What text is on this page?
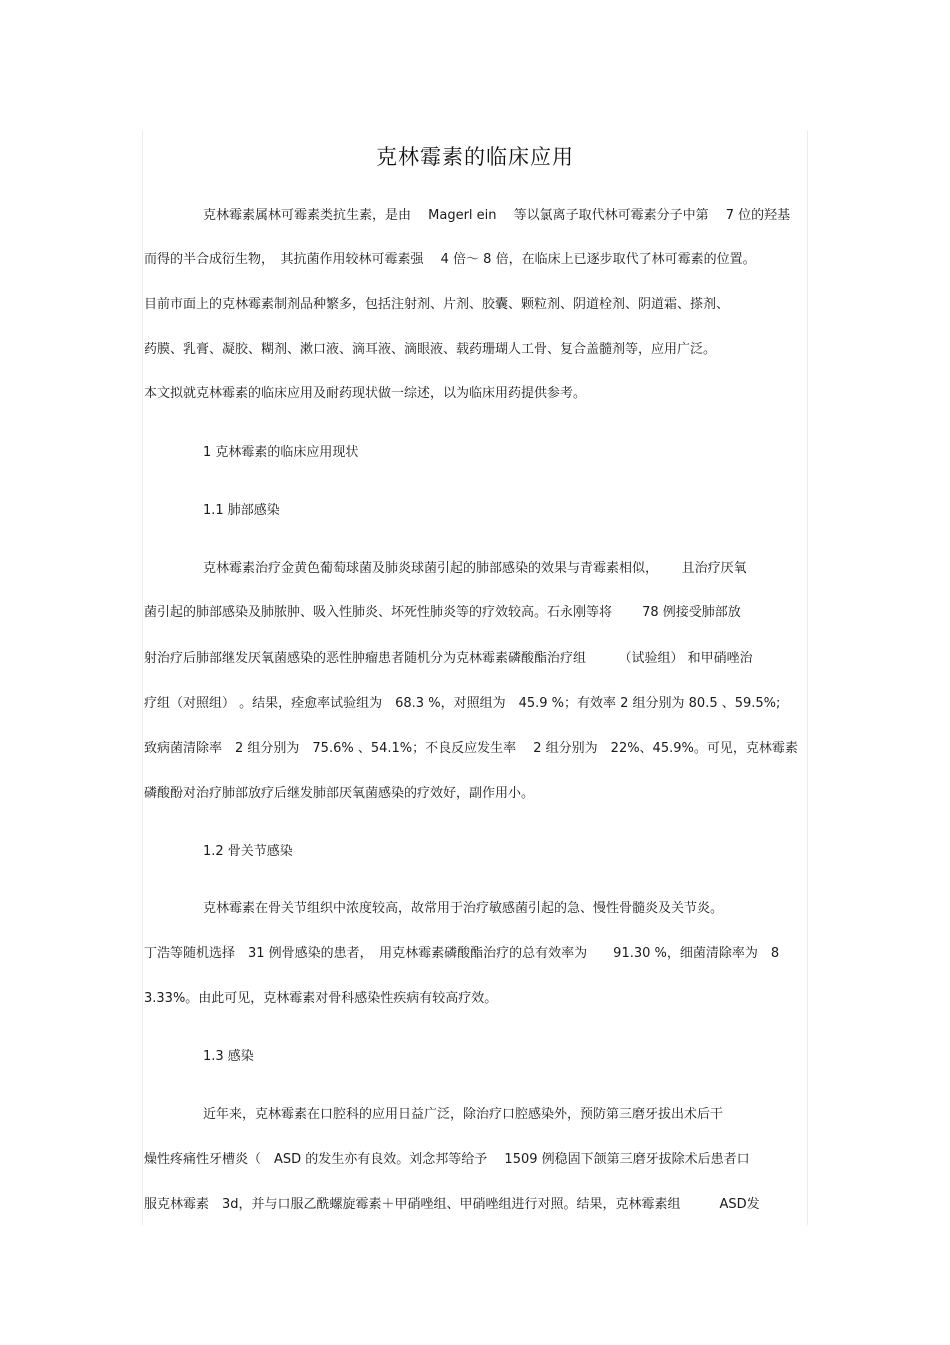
克林霉素的临床应用
克林霉素属林可霉素类抗生素，是由　 Magerl ein 　等以氯离子取代林可霉素分子中第　 7 位的羟基
而得的半合成衍生物，　其抗菌作用较林可霉素强　 4 倍～ 8 倍，在临床上已逐步取代了林可霉素的位置。
目前市面上的克林霉素制剂品种繁多，包括注射剂、片剂、胶囊、颗粒剂、阴道栓剂、阴道霜、搽剂、
药膜、乳膏、凝胶、糊剂、漱口液、滴耳液、滴眼液、载药珊瑚人工骨、复合盖髓剂等，应用广泛。
本文拟就克林霉素的临床应用及耐药现状做一综述，以为临床用药提供参考。
1 克林霉素的临床应用现状
1.1 肺部感染
克林霉素治疗金黄色葡萄球菌及肺炎球菌引起的肺部感染的效果与青霉素相似，　　 且治疗厌氧
菌引起的肺部感染及肺脓肿、吸入性肺炎、坏死性肺炎等的疗效较高。石永刚等将　　 78 例接受肺部放
射治疗后肺部继发厌氧菌感染的恶性肿瘤患者随机分为克林霉素磷酸酯治疗组　　　（试验组） 和甲硝唑治
疗组（对照组） 。结果，痊愈率试验组为　68.3 %，对照组为　45.9 %；有效率 2 组分别为 80.5 、59.5%;
致病菌清除率　2 组分别为　75.6% 、54.1%；不良反应发生率　 2 组分别为　22%、45.9%。可见，克林霉素
磷酸酚对治疗肺部放疗后继发肺部厌氧菌感染的疗效好，副作用小。
1.2 骨关节感染
克林霉素在骨关节组织中浓度较高，故常用于治疗敏感菌引起的急、慢性骨髓炎及关节炎。
丁浩等随机选择　31 例骨感染的患者，　用克林霉素磷酸酯治疗的总有效率为　　91.30 %，细菌清除率为　8
3.33%。由此可见，克林霉素对骨科感染性疾病有较高疗效。
1.3 感染
近年来，克林霉素在口腔科的应用日益广泛，除治疗口腔感染外，预防第三磨牙拔出术后干
燥性疼痛性牙槽炎（　ASD 的发生亦有良效。刘念邦等给予　 1509 例稳固下颌第三磨牙拔除术后患者口
服克林霉素　3d，并与口服乙酰螺旋霉素＋甲硝唑组、甲硝唑组进行对照。结果，克林霉素组　　　ASD发
